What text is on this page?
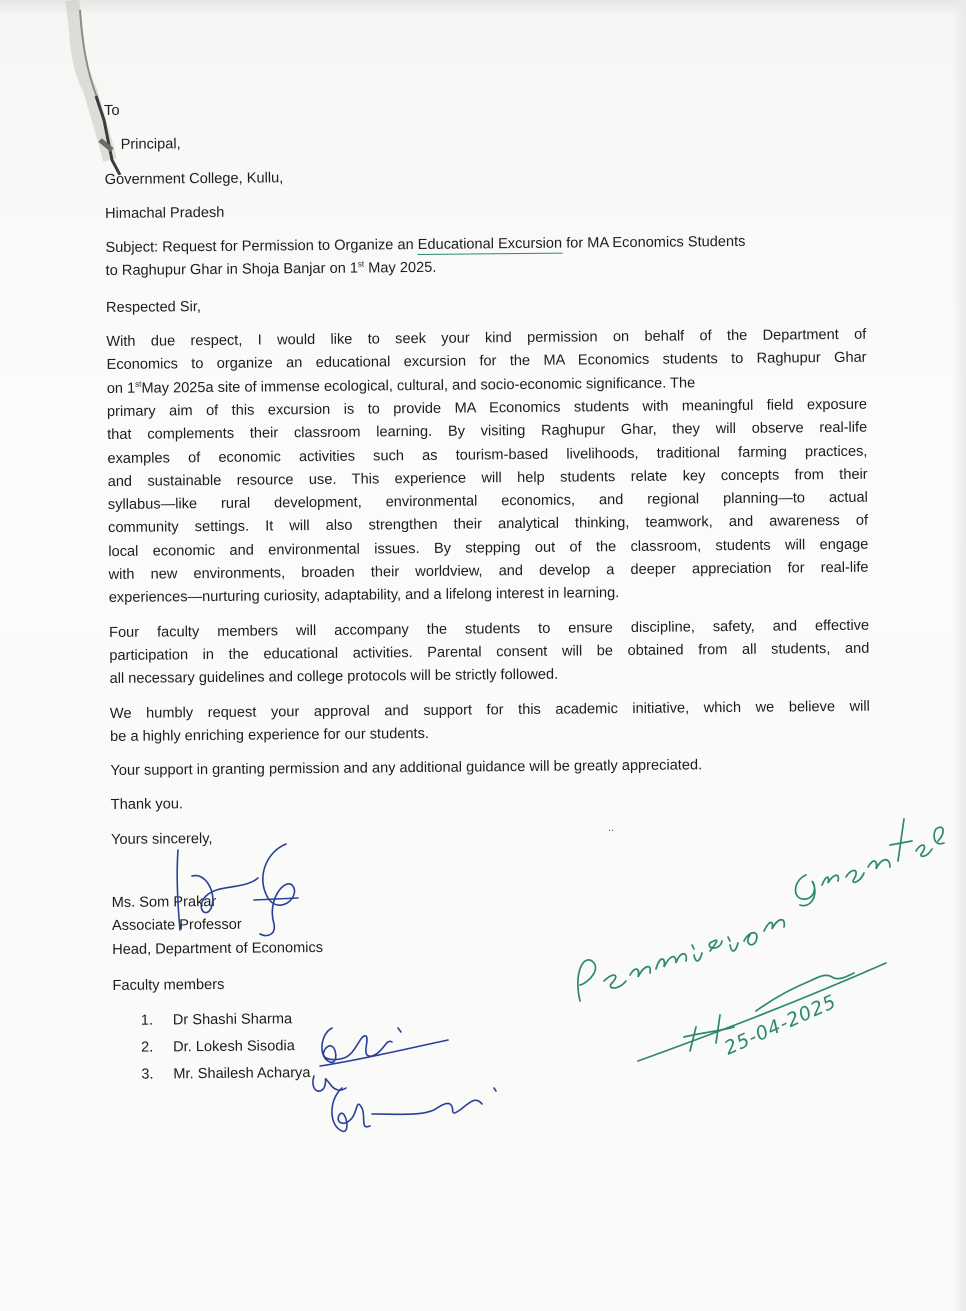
To
Principal,
Government College, Kullu,
Himachal Pradesh

Subject: Request for Permission to Organize an Educational Excursion for MA Economics Students
to Raghupur Ghar in Shoja Banjar on 1st May 2025.

Respected Sir,
With due respect, I would like to seek your kind permission on behalf of the Department of
Economics to organize an educational excursion for the MA Economics students to Raghupur Ghar
on 1stMay 2025a site of immense ecological, cultural, and socio-economic significance. The
primary aim of this excursion is to provide MA Economics students with meaningful field exposure
that complements their classroom learning. By visiting Raghupur Ghar, they will observe real-life
examples of economic activities such as tourism-based livelihoods, traditional farming practices,
and sustainable resource use. This experience will help students relate key concepts from their
syllabus—like rural development, environmental economics, and regional planning—to actual
community settings. It will also strengthen their analytical thinking, teamwork, and awareness of
local economic and environmental issues. By stepping out of the classroom, students will engage
with new environments, broaden their worldview, and develop a deeper appreciation for real-life
experiences—nurturing curiosity, adaptability, and a lifelong interest in learning.
Four faculty members will accompany the students to ensure discipline, safety, and effective
participation in the educational activities. Parental consent will be obtained from all students, and
all necessary guidelines and college protocols will be strictly followed.
We humbly request your approval and support for this academic initiative, which we believe will
be a highly enriching experience for our students.
Your support in granting permission and any additional guidance will be greatly appreciated.
Thank you.
Yours sincerely,
Ms. Som Prakar
Associate Professor
Head, Department of Economics
Faculty members
1. Dr Shashi Sharma
2. Dr. Lokesh Sisodia
3. Mr. Shailesh Acharya
..
25-04-2025
